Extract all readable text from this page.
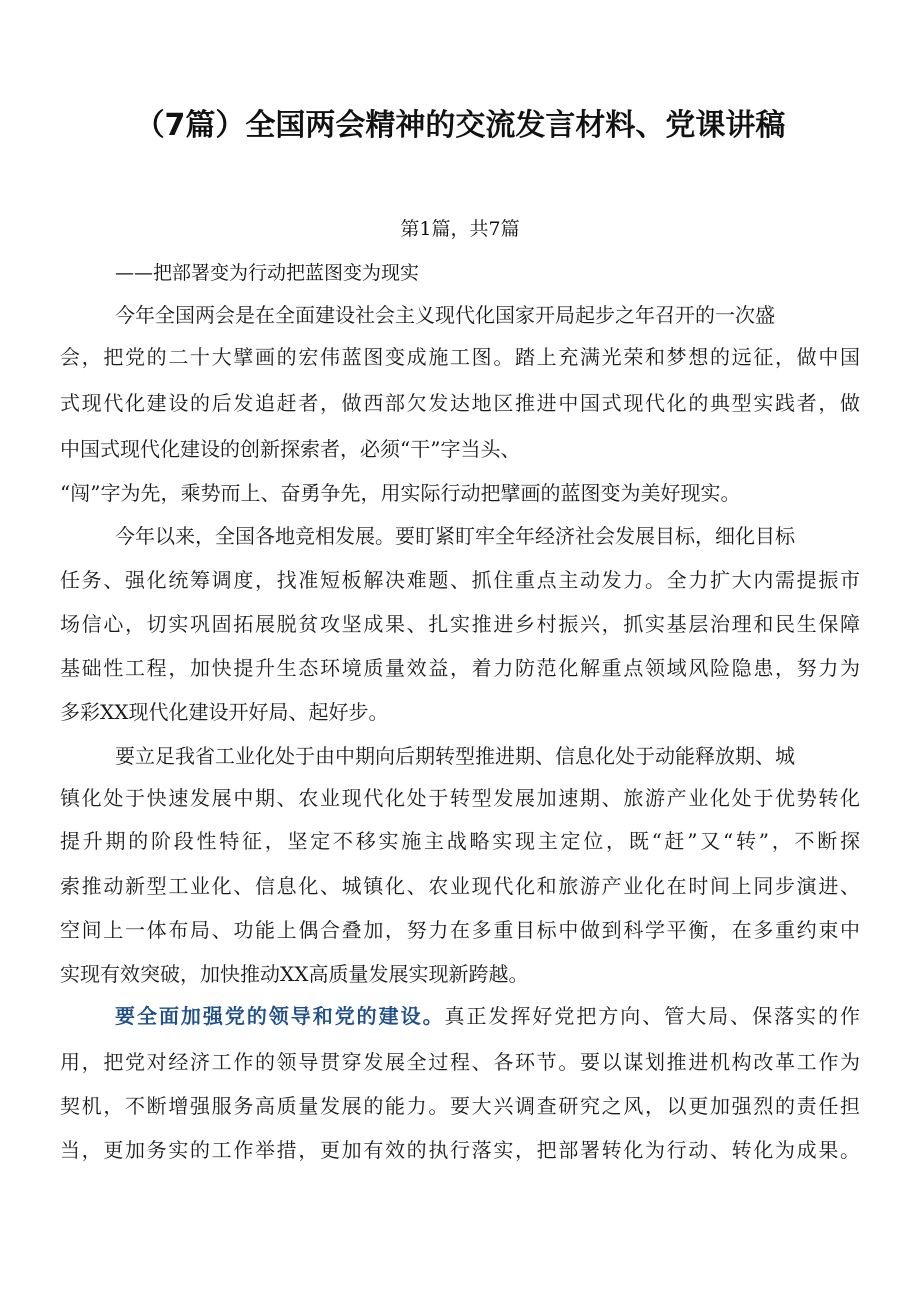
（7篇）全国两会精神的交流发言材料、党课讲稿
第1篇，共7篇
——把部署变为行动把蓝图变为现实
今年全国两会是在全面建设社会主义现代化国家开局起步之年召开的一次盛
会，把党的二十大擘画的宏伟蓝图变成施工图。踏上充满光荣和梦想的远征，做中国
式现代化建设的后发追赶者，做西部欠发达地区推进中国式现代化的典型实践者，做
中国式现代化建设的创新探索者，必须“干”字当头、
“闯”字为先，乘势而上、奋勇争先，用实际行动把擘画的蓝图变为美好现实。
今年以来，全国各地竞相发展。要盯紧盯牢全年经济社会发展目标，细化目标
任务、强化统筹调度，找准短板解决难题、抓住重点主动发力。全力扩大内需提振市
场信心，切实巩固拓展脱贫攻坚成果、扎实推进乡村振兴，抓实基层治理和民生保障
基础性工程，加快提升生态环境质量效益，着力防范化解重点领域风险隐患，努力为
多彩XX现代化建设开好局、起好步。
要立足我省工业化处于由中期向后期转型推进期、信息化处于动能释放期、城
镇化处于快速发展中期、农业现代化处于转型发展加速期、旅游产业化处于优势转化
提升期的阶段性特征，坚定不移实施主战略实现主定位，既“赶”又“转”，不断探
索推动新型工业化、信息化、城镇化、农业现代化和旅游产业化在时间上同步演进、
空间上一体布局、功能上偶合叠加，努力在多重目标中做到科学平衡，在多重约束中
实现有效突破，加快推动XX高质量发展实现新跨越。
要全面加强党的领导和党的建设。真正发挥好党把方向、管大局、保落实的作
用，把党对经济工作的领导贯穿发展全过程、各环节。要以谋划推进机构改革工作为
契机，不断增强服务高质量发展的能力。要大兴调查研究之风，以更加强烈的责任担
当，更加务实的工作举措，更加有效的执行落实，把部署转化为行动、转化为成果。
